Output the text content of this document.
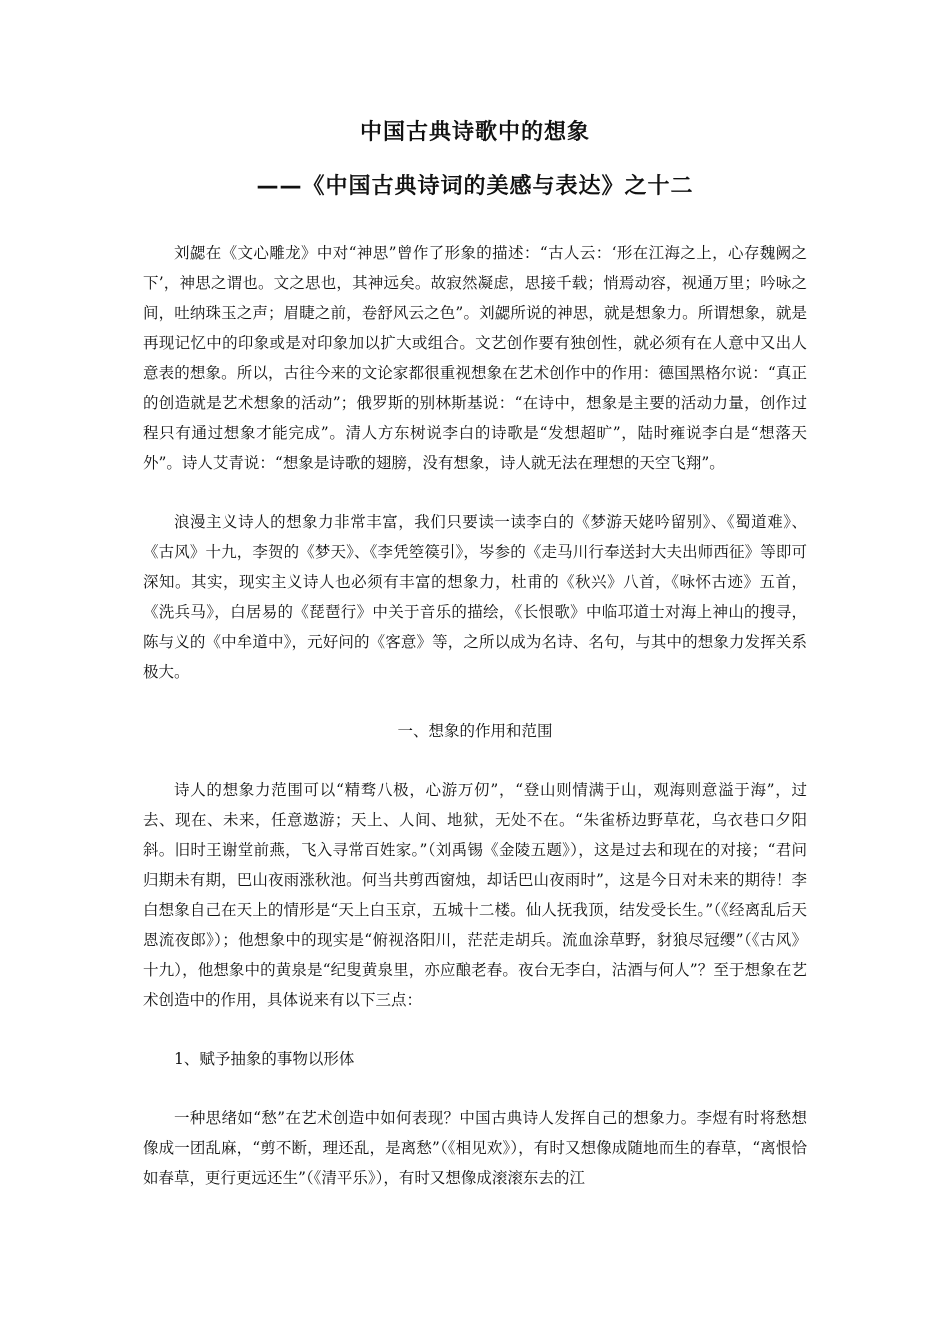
中国古典诗歌中的想象
——《中国古典诗词的美感与表达》之十二

刘勰在《文心雕龙》中对“神思”曾作了形象的描述：“古人云：‘形在江海之上，心存魏阙之下’，神思之谓也。文之思也，其神远矣。故寂然凝虑，思接千载；悄焉动容，视通万里；吟咏之间，吐纳珠玉之声；眉睫之前，卷舒风云之色”。刘勰所说的神思，就是想象力。所谓想象，就是再现记忆中的印象或是对印象加以扩大或组合。文艺创作要有独创性，就必须有在人意中又出人意表的想象。所以，古往今来的文论家都很重视想象在艺术创作中的作用：德国黑格尔说：“真正的创造就是艺术想象的活动”；俄罗斯的别林斯基说：“在诗中，想象是主要的活动力量，创作过程只有通过想象才能完成”。清人方东树说李白的诗歌是“发想超旷”，陆时雍说李白是“想落天外”。诗人艾青说：“想象是诗歌的翅膀，没有想象，诗人就无法在理想的天空飞翔”。

浪漫主义诗人的想象力非常丰富，我们只要读一读李白的《梦游天姥吟留别》、《蜀道难》、《古风》十九，李贺的《梦天》、《李凭箜篌引》，岑参的《走马川行奉送封大夫出师西征》等即可深知。其实，现实主义诗人也必须有丰富的想象力，杜甫的《秋兴》八首，《咏怀古迹》五首，《洗兵马》，白居易的《琵琶行》中关于音乐的描绘，《长恨歌》中临邛道士对海上神山的搜寻，陈与义的《中牟道中》，元好问的《客意》等，之所以成为名诗、名句，与其中的想象力发挥关系极大。

一、想象的作用和范围

诗人的想象力范围可以“精骛八极，心游万仞”，“登山则情满于山，观海则意溢于海”，过去、现在、未来，任意遨游；天上、人间、地狱，无处不在。“朱雀桥边野草花，乌衣巷口夕阳斜。旧时王谢堂前燕，飞入寻常百姓家。”（刘禹锡《金陵五题》），这是过去和现在的对接；“君问归期未有期，巴山夜雨涨秋池。何当共剪西窗烛，却话巴山夜雨时”，这是今日对未来的期待！李白想象自己在天上的情形是“天上白玉京，五城十二楼。仙人抚我顶，结发受长生。”（《经离乱后天恩流夜郎》）；他想象中的现实是“俯视洛阳川，茫茫走胡兵。流血涂草野，豺狼尽冠缨”（《古风》十九），他想象中的黄泉是“纪叟黄泉里，亦应酿老春。夜台无李白，沽酒与何人”？至于想象在艺术创造中的作用，具体说来有以下三点：

1、赋予抽象的事物以形体

一种思绪如“愁”在艺术创造中如何表现？中国古典诗人发挥自己的想象力。李煜有时将愁想像成一团乱麻，“剪不断，理还乱，是离愁”（《相见欢》），有时又想像成随地而生的春草，“离恨恰如春草，更行更远还生”（《清平乐》），有时又想像成滚滚东去的江
